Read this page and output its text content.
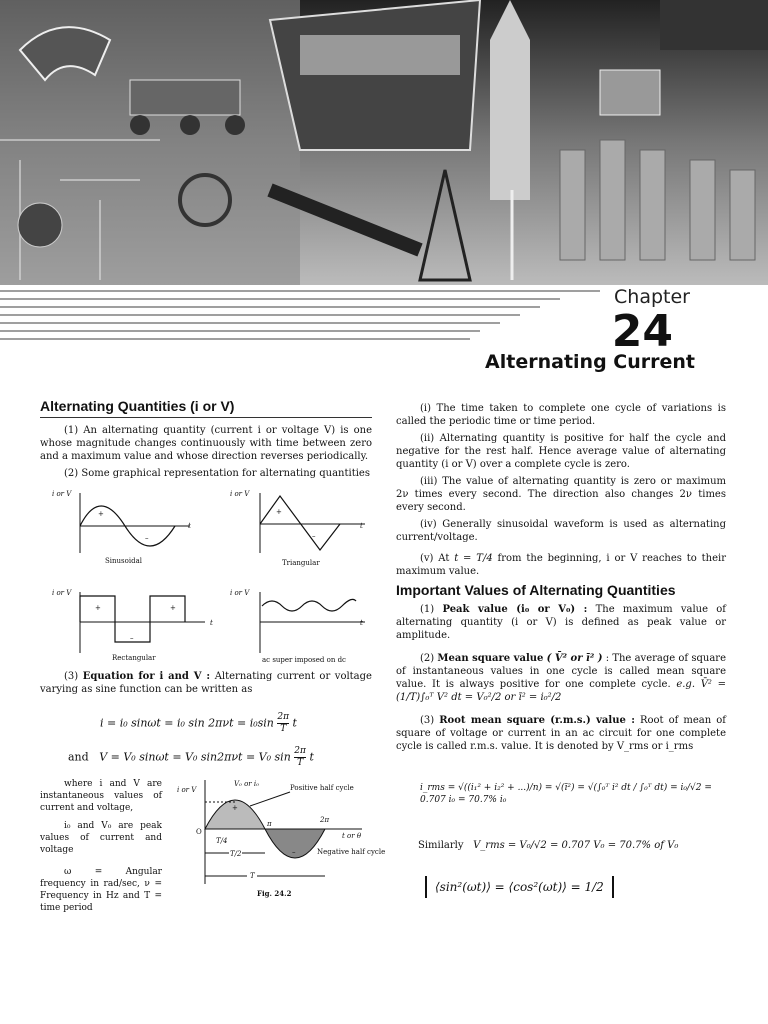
Chapter
24
Alternating Current
Alternating Quantities (i or V)
(1) An alternating quantity (current i or voltage V) is one whose magnitude changes continuously with time between zero and a maximum value and whose direction reverses periodically.
(2) Some graphical representation for alternating quantities
i or V
+
–
t
Sinusoidal
i or V
+
–
t
Triangular
i or V
+	+
–
t
Rectangular
i or V
t
ac super imposed on dc
(3) Equation for i and V : Alternating current or voltage varying as sine function can be written as
i = i₀ sinωt = i₀ $\sin 2\pi\nu t = i_0\sin \frac{2\pi}{T}$ t
and V = V₀ sinωt = V₀ sin2πνt = V₀ $\sin \frac{2\pi}{T}$ t
where i and V are instantaneous values of current and voltage,
i₀ and V₀ are peak values of current and voltage
ω = Angular frequency in rad/sec, ν = Frequency in Hz and T = time period
i or V
V₀ or i₀	Positive half cycle
+
–
π	2π
t or θ
O
T/4
T/2
T
Negative half cycle
Fig. 24.2
(i) The time taken to complete one cycle of variations is called the periodic time or time period.
(ii) Alternating quantity is positive for half the cycle and negative for the rest half. Hence average value of alternating quantity (i or V) over a complete cycle is zero.
(iii) The value of alternating quantity is zero or maximum 2ν times every second. The direction also changes 2ν times every second.
(iv) Generally sinusoidal waveform is used as alternating current/voltage.
(v) At t = T/4 from the beginning, i or V reaches to their maximum value.
Important Values of Alternating Quantities
(1) Peak value (i₀ or V₀) : The maximum value of alternating quantity (i or V) is defined as peak value or amplitude.
(2) Mean square value ( V̄² or ī² ) : The average of square of instantaneous values in one cycle is called mean square value. It is always positive for one complete cycle. e.g. V̄² = (1/T)∫₀ᵀ V² dt = V₀²/2 or ī² = i₀²/2
(3) Root mean square (r.m.s.) value : Root of mean of square of voltage or current in an ac circuit for one complete cycle is called r.m.s. value. It is denoted by V_rms or i_rms
i_rms = √((i₁² + i₂² + ...)/n) = √(ī²) = √(∫₀ᵀ i² dt / ∫₀ᵀ dt) = i₀/√2 = 0.707 i₀ = 70.7% i₀
Similarly V_rms = V₀/√2 = 0.707 V₀ = 70.7% of V₀
⟨sin²(ωt)⟩ = ⟨cos²(ωt)⟩ = 1/2
